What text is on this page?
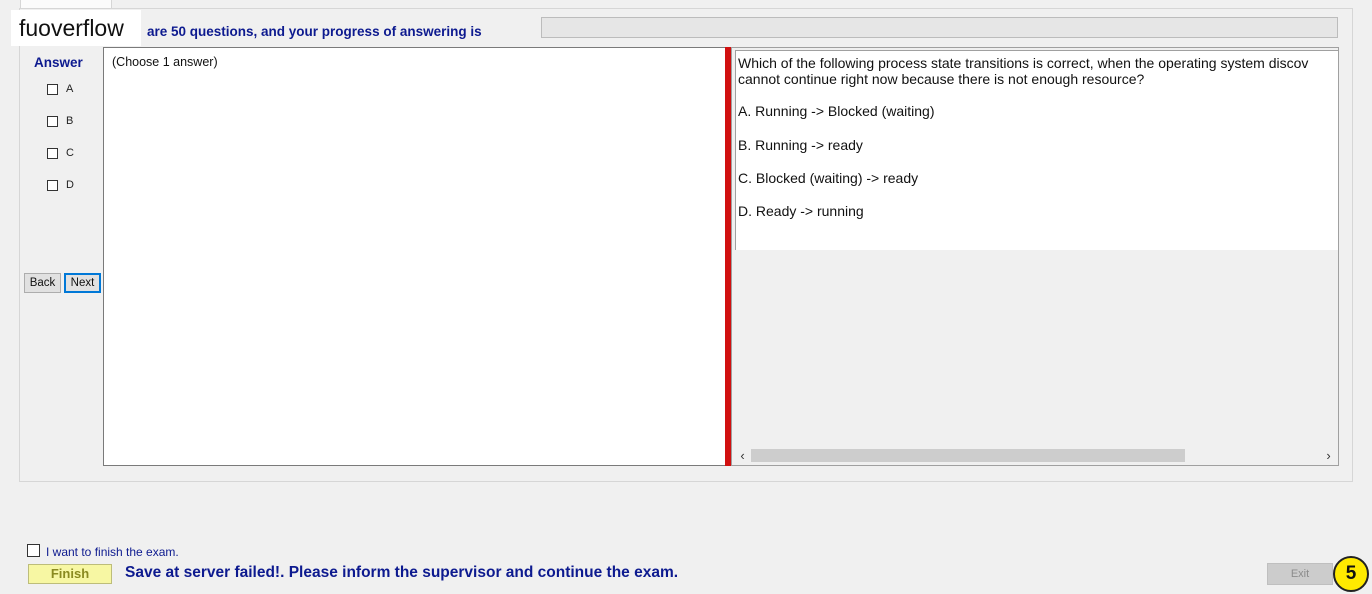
are 50 questions, and your progress of answering is
fuoverflow
Answer
A
B
C
D
Back	Next
(Choose 1 answer)	Which of the following process state transitions is correct, when the operating system discov
cannot continue right now because there is not enough resource?
A. Running -> Blocked (waiting)
B. Running -> ready
C. Blocked (waiting) -> ready
D. Ready -> running
‹	›
I want to finish the exam.
Finish	Save at server failed!. Please inform the supervisor and continue the exam.	Exit	5
